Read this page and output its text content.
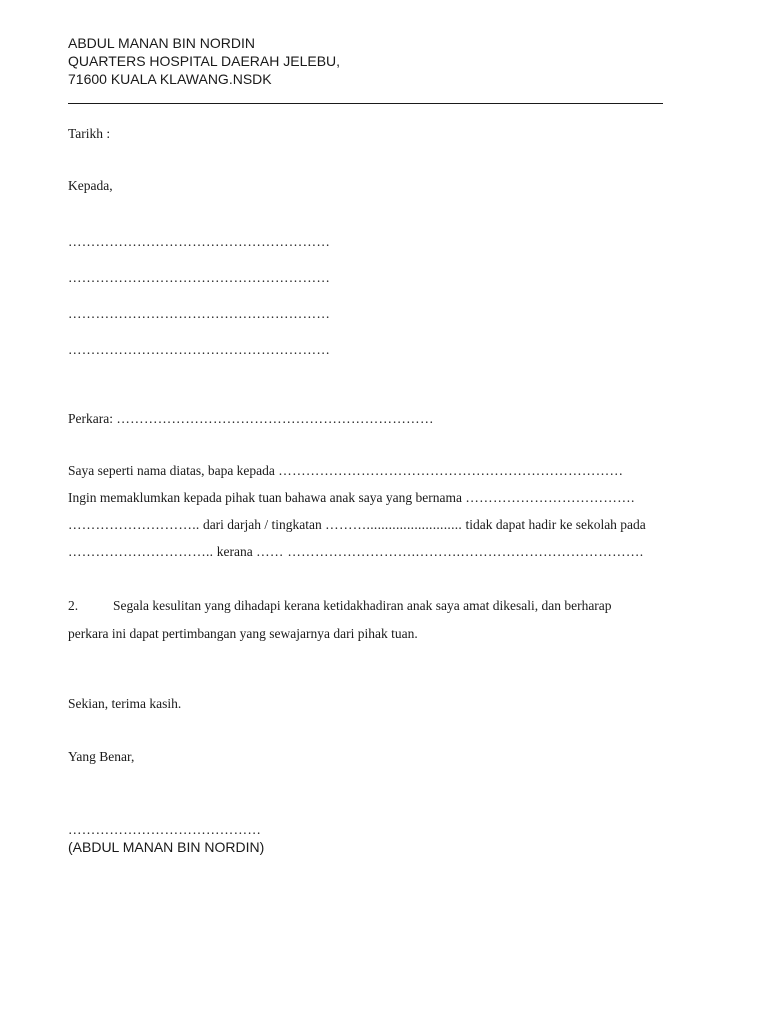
ABDUL MANAN BIN NORDIN
QUARTERS HOSPITAL DAERAH JELEBU,
71600 KUALA KLAWANG.NSDK
Tarikh :
Kepada,
…………………………………………………
…………………………………………………
…………………………………………………
…………………………………………………
Perkara: ……………………………………………………………
Saya seperti nama diatas, bapa kepada …………………………………………………………………
Ingin memaklumkan kepada pihak tuan bahawa anak saya yang bernama ……………………………….
……………………….. dari darjah / tingkatan ……….......................... tidak dapat hadir ke sekolah pada
………………………….. kerana …… ……………………….……….………………………………….
2.	Segala kesulitan yang dihadapi kerana ketidakhadiran anak saya amat dikesali, dan berharap
perkara ini dapat pertimbangan yang sewajarnya dari pihak tuan.
Sekian, terima kasih.
Yang Benar,
……………………………………
(ABDUL MANAN BIN NORDIN)
